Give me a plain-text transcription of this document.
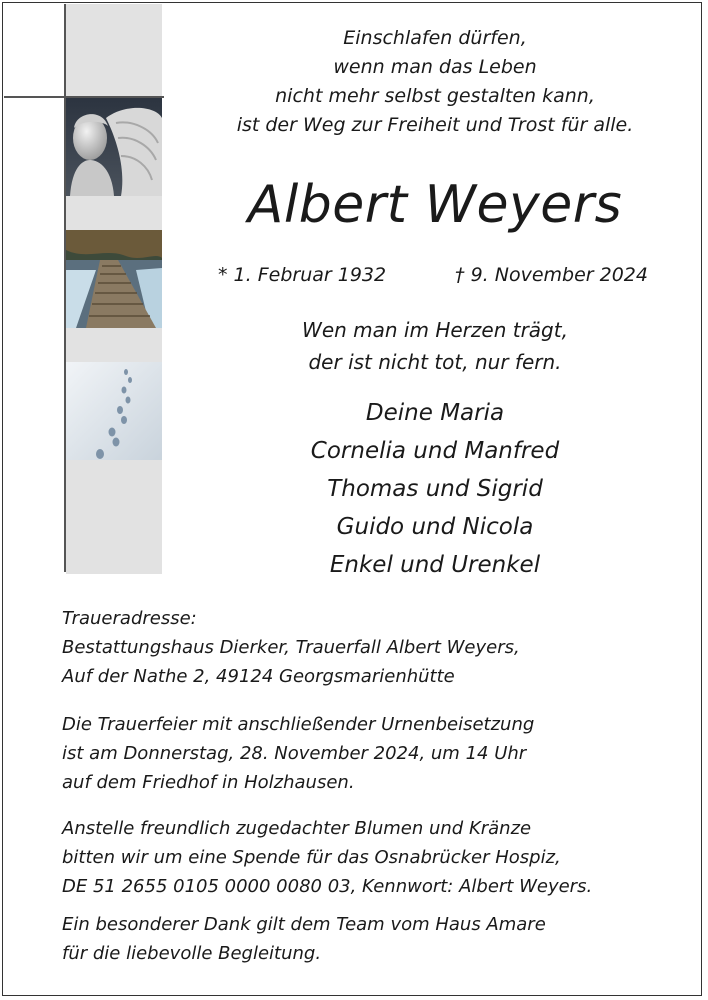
Einschlafen dürfen,
wenn man das Leben
nicht mehr selbst gestalten kann,
ist der Weg zur Freiheit und Trost für alle.
Albert Weyers
* 1. Februar 1932	† 9. November 2024
Wen man im Herzen trägt,
der ist nicht tot, nur fern.
Deine Maria
Cornelia und Manfred
Thomas und Sigrid
Guido und Nicola
Enkel und Urenkel
Traueradresse:
Bestattungshaus Dierker, Trauerfall Albert Weyers,
Auf der Nathe 2, 49124 Georgsmarienhütte
Die Trauerfeier mit anschließender Urnenbeisetzung
ist am Donnerstag, 28. November 2024, um 14 Uhr
auf dem Friedhof in Holzhausen.
Anstelle freundlich zugedachter Blumen und Kränze
bitten wir um eine Spende für das Osnabrücker Hospiz,
DE 51 2655 0105 0000 0080 03, Kennwort: Albert Weyers.
Ein besonderer Dank gilt dem Team vom Haus Amare
für die liebevolle Begleitung.
